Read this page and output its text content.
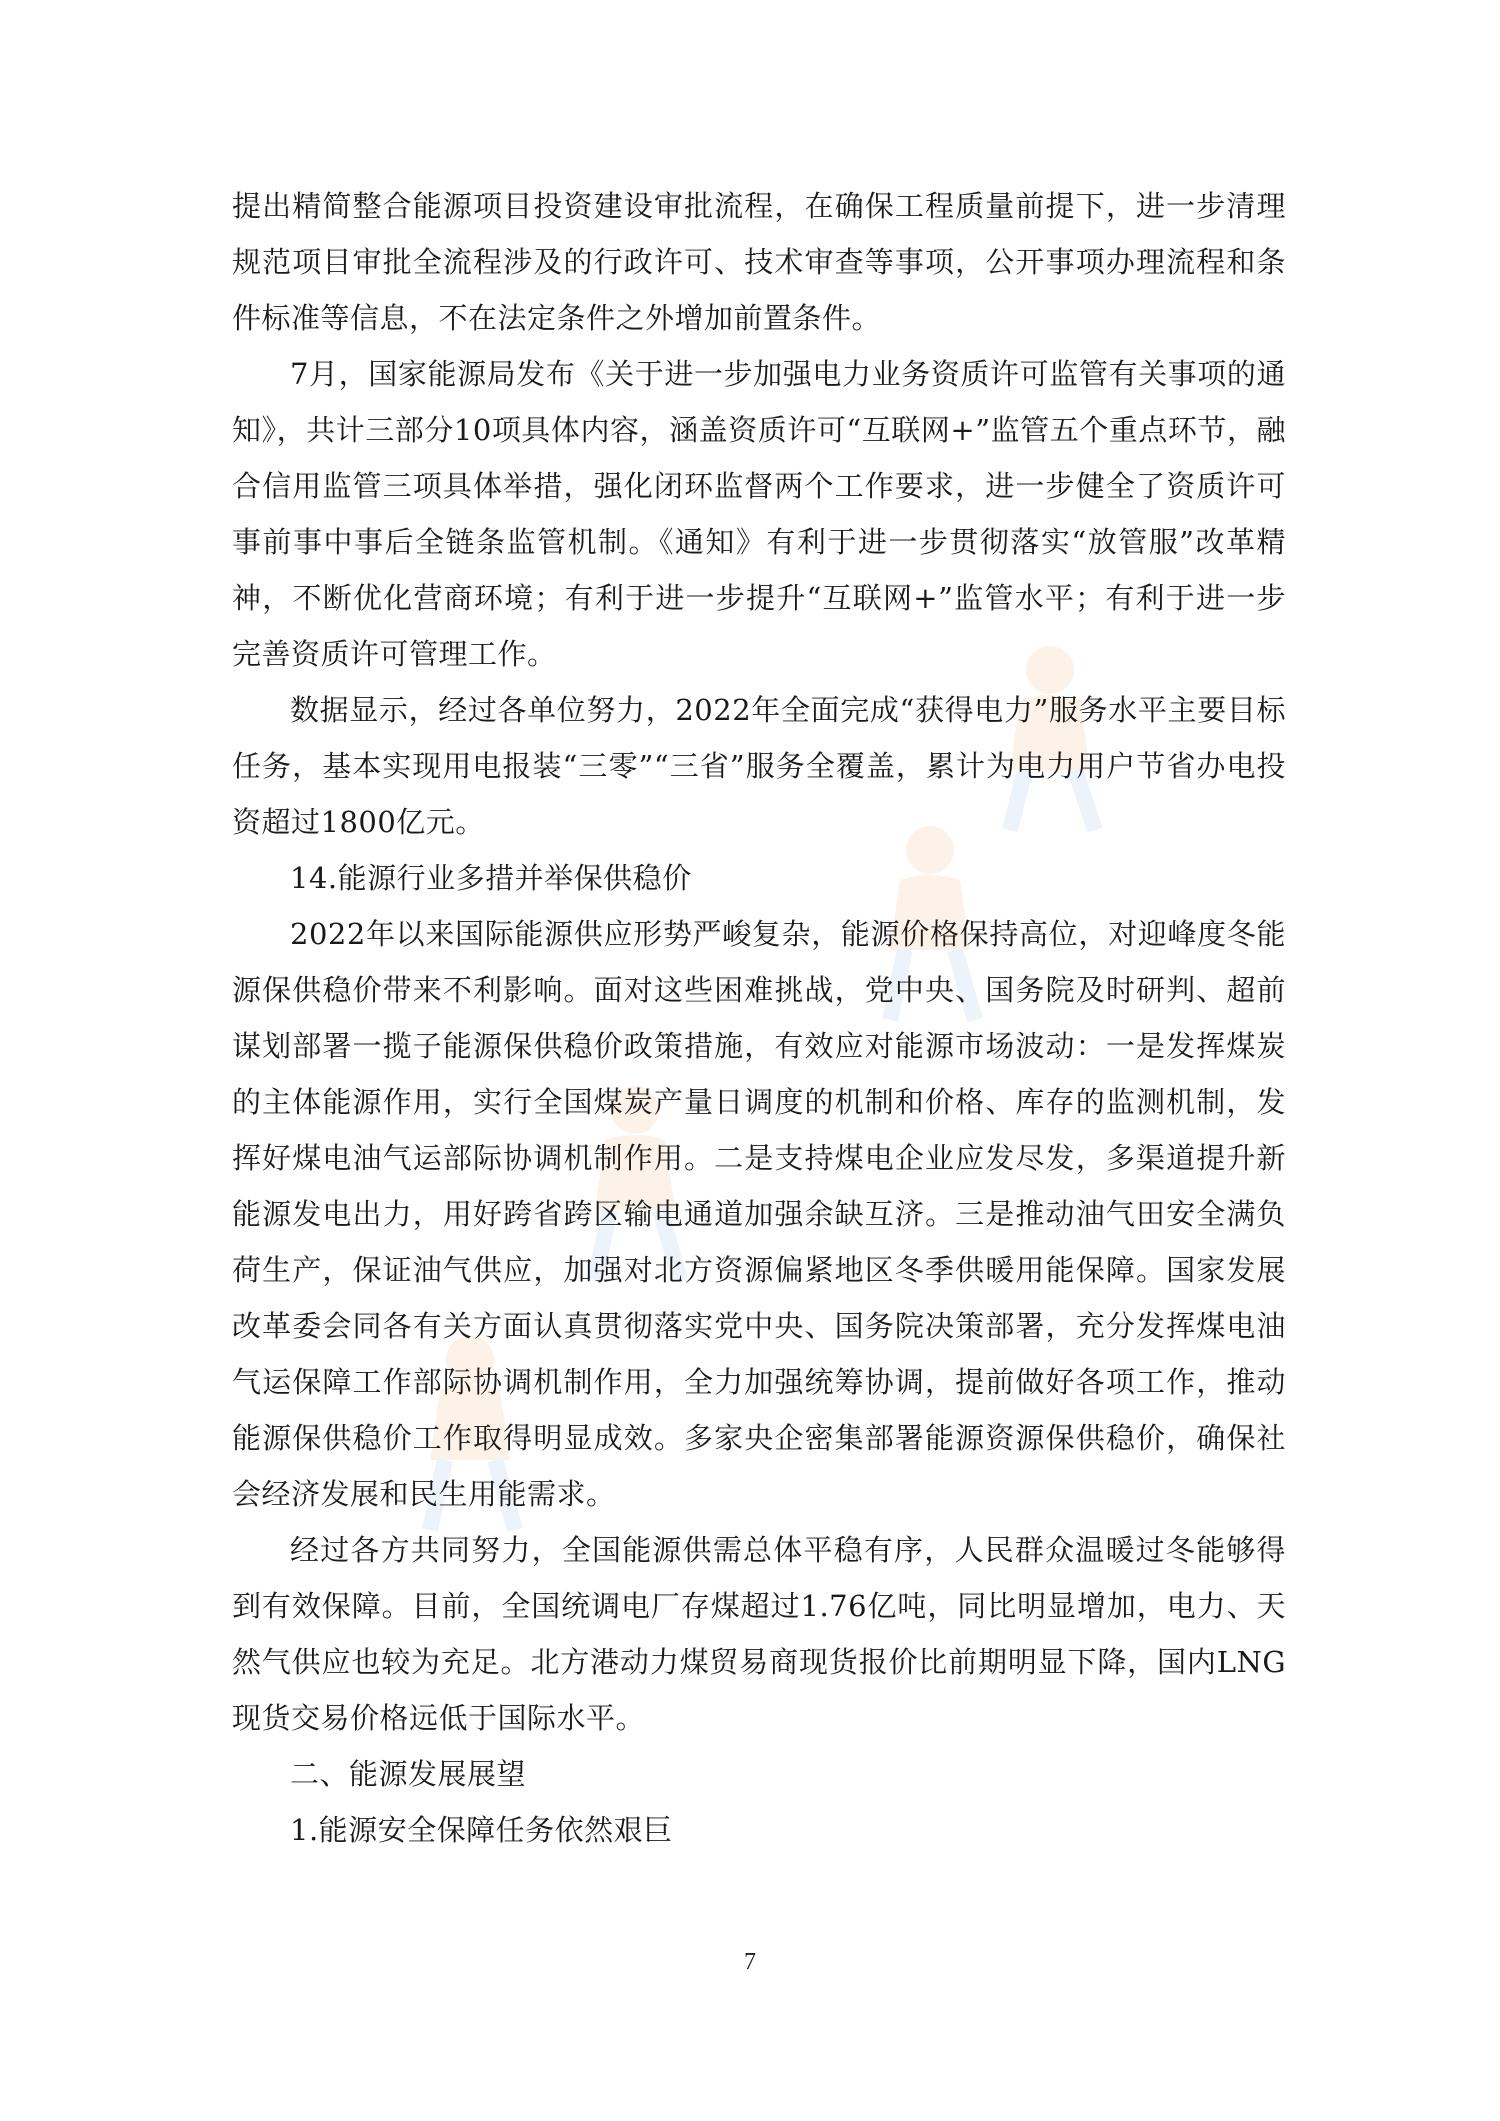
提出精简整合能源项目投资建设审批流程，在确保工程质量前提下，进一步清理规范项目审批全流程涉及的行政许可、技术审查等事项，公开事项办理流程和条件标准等信息，不在法定条件之外增加前置条件。

7月，国家能源局发布《关于进一步加强电力业务资质许可监管有关事项的通知》，共计三部分10项具体内容，涵盖资质许可“互联网+”监管五个重点环节，融合信用监管三项具体举措，强化闭环监督两个工作要求，进一步健全了资质许可事前事中事后全链条监管机制。《通知》有利于进一步贯彻落实“放管服”改革精神，不断优化营商环境；有利于进一步提升“互联网+”监管水平；有利于进一步完善资质许可管理工作。

数据显示，经过各单位努力，2022年全面完成“获得电力”服务水平主要目标任务，基本实现用电报装“三零”“三省”服务全覆盖，累计为电力用户节省办电投资超过1800亿元。

14.能源行业多措并举保供稳价

2022年以来国际能源供应形势严峻复杂，能源价格保持高位，对迎峰度冬能源保供稳价带来不利影响。面对这些困难挑战，党中央、国务院及时研判、超前谋划部署一揽子能源保供稳价政策措施，有效应对能源市场波动：一是发挥煤炭的主体能源作用，实行全国煤炭产量日调度的机制和价格、库存的监测机制，发挥好煤电油气运部际协调机制作用。二是支持煤电企业应发尽发，多渠道提升新能源发电出力，用好跨省跨区输电通道加强余缺互济。三是推动油气田安全满负荷生产，保证油气供应，加强对北方资源偏紧地区冬季供暖用能保障。国家发展改革委会同各有关方面认真贯彻落实党中央、国务院决策部署，充分发挥煤电油气运保障工作部际协调机制作用，全力加强统筹协调，提前做好各项工作，推动能源保供稳价工作取得明显成效。多家央企密集部署能源资源保供稳价，确保社会经济发展和民生用能需求。

经过各方共同努力，全国能源供需总体平稳有序，人民群众温暖过冬能够得到有效保障。目前，全国统调电厂存煤超过1.76亿吨，同比明显增加，电力、天然气供应也较为充足。北方港动力煤贸易商现货报价比前期明显下降，国内LNG现货交易价格远低于国际水平。

二、能源发展展望

1.能源安全保障任务依然艰巨

7
